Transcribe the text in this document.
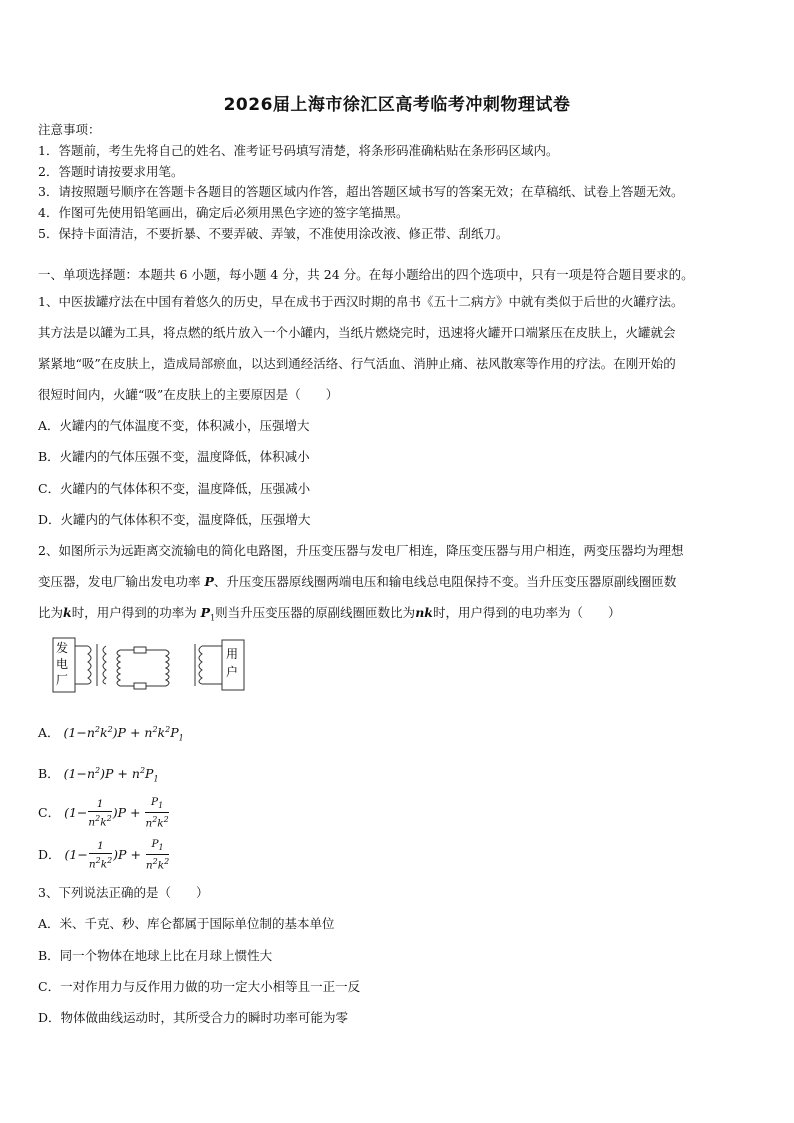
2026届上海市徐汇区高考临考冲刺物理试卷
注意事项：
1．答题前，考生先将自己的姓名、准考证号码填写清楚，将条形码准确粘贴在条形码区域内。
2．答题时请按要求用笔。
3．请按照题号顺序在答题卡各题目的答题区域内作答，超出答题区域书写的答案无效；在草稿纸、试卷上答题无效。
4．作图可先使用铅笔画出，确定后必须用黑色字迹的签字笔描黑。
5．保持卡面清洁，不要折暴、不要弄破、弄皱，不准使用涂改液、修正带、刮纸刀。
一、单项选择题：本题共 6 小题，每小题 4 分，共 24 分。在每小题给出的四个选项中，只有一项是符合题目要求的。
1、中医拔罐疗法在中国有着悠久的历史，早在成书于西汉时期的帛书《五十二病方》中就有类似于后世的火罐疗法。
其方法是以罐为工具，将点燃的纸片放入一个小罐内，当纸片燃烧完时，迅速将火罐开口端紧压在皮肤上，火罐就会
紧紧地“吸”在皮肤上，造成局部瘀血，以达到通经活络、行气活血、消肿止痛、祛风散寒等作用的疗法。在刚开始的
很短时间内，火罐“吸”在皮肤上的主要原因是（　　）
A．火罐内的气体温度不变，体积减小，压强增大
B．火罐内的气体压强不变，温度降低，体积减小
C．火罐内的气体体积不变，温度降低，压强减小
D．火罐内的气体体积不变，温度降低，压强增大
2、如图所示为远距离交流输电的简化电路图，升压变压器与发电厂相连，降压变压器与用户相连，两变压器均为理想
变压器，发电厂输出发电功率 P、升压变压器原线圈两端电压和输电线总电阻保持不变。当升压变压器原副线圈匝数
比为k时，用户得到的功率为 $P_1$则当升压变压器的原副线圈匝数比为nk时，用户得到的电功率为（　　）
发
电
厂
用
户
A． $(1-n^2k^2)P + n^2k^2P_1$
B． $(1-n^2)P + n^2P_1$
C． $(1- \frac{1}{n^2k^2} )P + \frac{P_1}{n^2k^2}$
D． $(1- \frac{1}{n^2k^2} )P + \frac{P_1}{n^2k^2}$
3、下列说法正确的是（　　）
A．米、千克、秒、库仑都属于国际单位制的基本单位
B．同一个物体在地球上比在月球上惯性大
C．一对作用力与反作用力做的功一定大小相等且一正一反
D．物体做曲线运动时，其所受合力的瞬时功率可能为零
